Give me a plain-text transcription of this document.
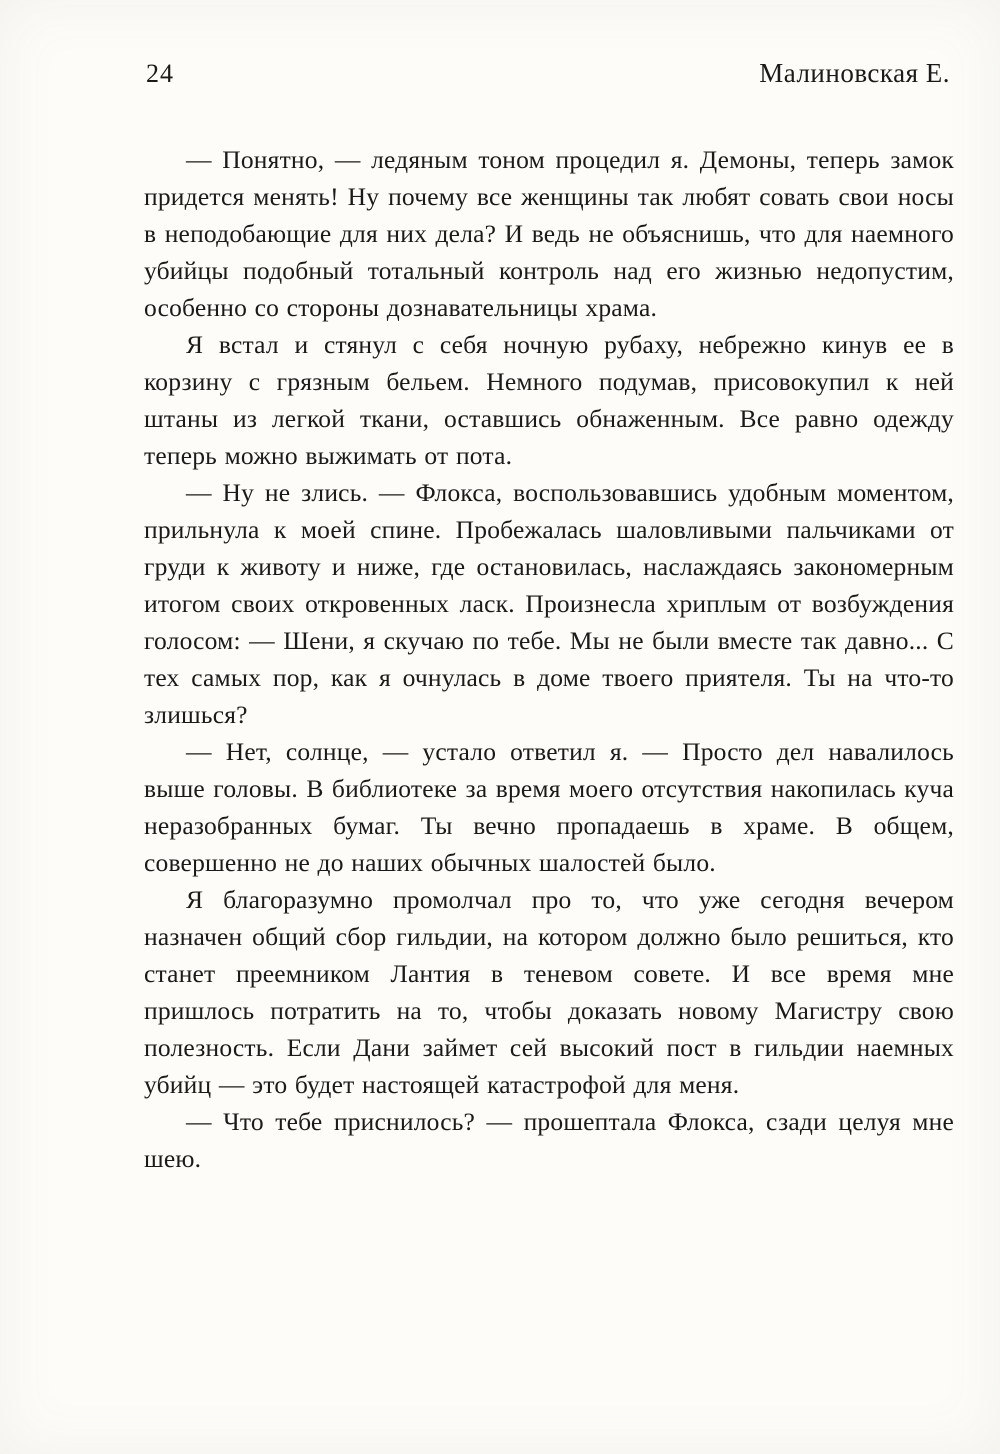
24	Малиновская Е.

— Понятно, — ледяным тоном процедил я. Демоны, теперь замок придется менять! Ну почему все женщины так любят совать свои носы в неподобающие для них дела? И ведь не объяснишь, что для наемного убийцы подобный тотальный контроль над его жизнью недопустим, особенно со стороны дознавательницы храма.

Я встал и стянул с себя ночную рубаху, небрежно кинув ее в корзину с грязным бельем. Немного подумав, присовокупил к ней штаны из легкой ткани, оставшись обнаженным. Все равно одежду теперь можно выжимать от пота.

— Ну не злись. — Флокса, воспользовавшись удобным моментом, прильнула к моей спине. Пробежалась шаловливыми пальчиками от груди к животу и ниже, где остановилась, наслаждаясь закономерным итогом своих откровенных ласк. Произнесла хриплым от возбуждения голосом: — Шени, я скучаю по тебе. Мы не были вместе так давно... С тех самых пор, как я очнулась в доме твоего приятеля. Ты на что-то злишься?

— Нет, солнце, — устало ответил я. — Просто дел навалилось выше головы. В библиотеке за время моего отсутствия накопилась куча неразобранных бумаг. Ты вечно пропадаешь в храме. В общем, совершенно не до наших обычных шалостей было.

Я благоразумно промолчал про то, что уже сегодня вечером назначен общий сбор гильдии, на котором должно было решиться, кто станет преемником Лантия в теневом совете. И все время мне пришлось потратить на то, чтобы доказать новому Магистру свою полезность. Если Дани займет сей высокий пост в гильдии наемных убийц — это будет настоящей катастрофой для меня.

— Что тебе приснилось? — прошептала Флокса, сзади целуя мне шею.
